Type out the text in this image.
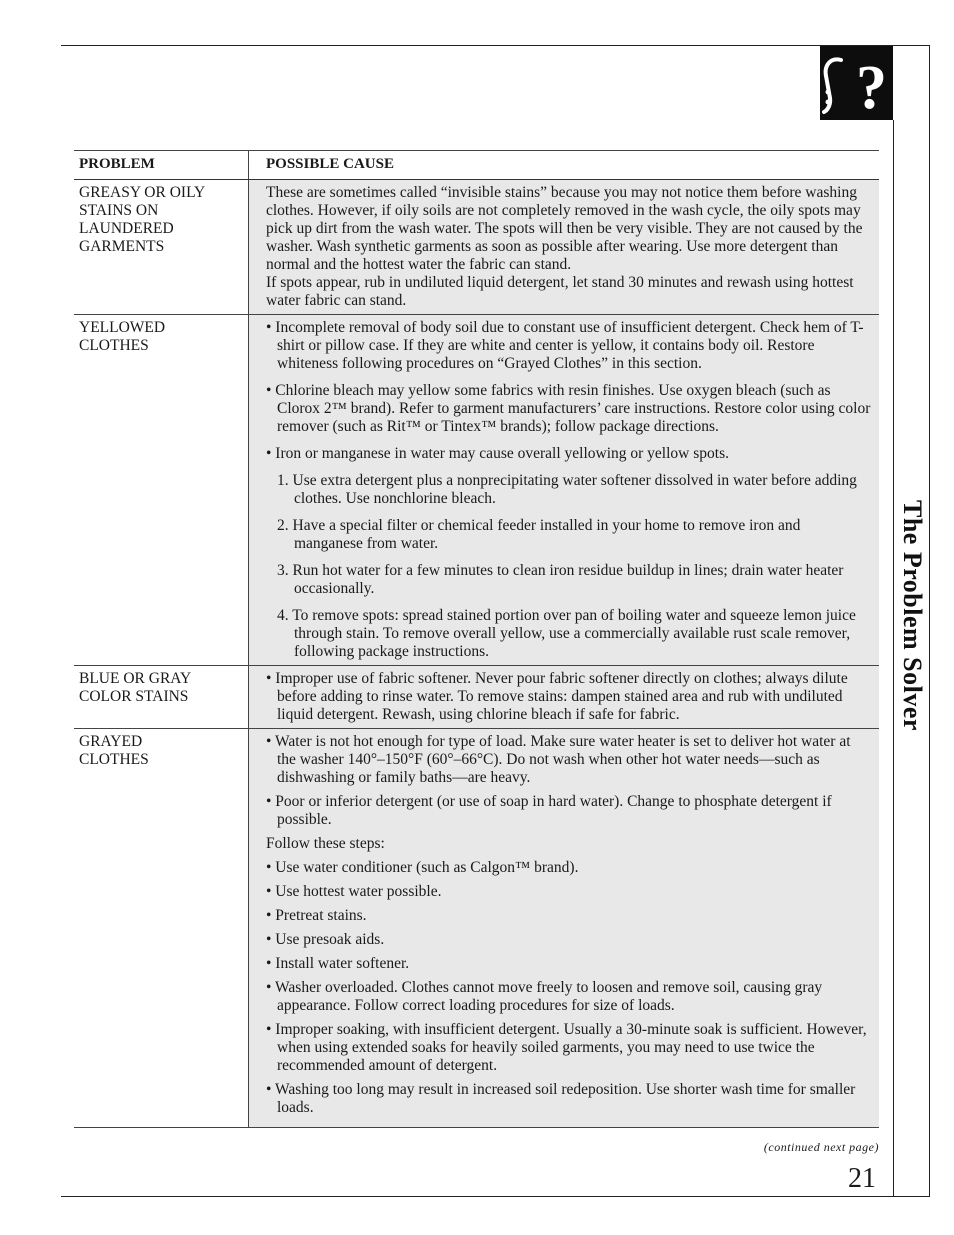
?
The Problem Solver
PROBLEM	POSSIBLE CAUSE
GREASY OR OILY
STAINS ON
LAUNDERED
GARMENTS
These are sometimes called “invisible stains” because you may not notice them before washing clothes. However, if oily soils are not completely removed in the wash cycle, the oily spots may pick up dirt from the wash water. The spots will then be very visible. They are not caused by the washer. Wash synthetic garments as soon as possible after wearing. Use more detergent than normal and the hottest water the fabric can stand.
If spots appear, rub in undiluted liquid detergent, let stand 30 minutes and rewash using hottest water fabric can stand.
YELLOWED
CLOTHES
• Incomplete removal of body soil due to constant use of insufficient detergent. Check hem of T-shirt or pillow case. If they are white and center is yellow, it contains body oil. Restore whiteness following procedures on “Grayed Clothes” in this section.
• Chlorine bleach may yellow some fabrics with resin finishes. Use oxygen bleach (such as Clorox 2™ brand). Refer to garment manufacturers’ care instructions. Restore color using color remover (such as Rit™ or Tintex™ brands); follow package directions.
• Iron or manganese in water may cause overall yellowing or yellow spots.
1. Use extra detergent plus a nonprecipitating water softener dissolved in water before adding clothes. Use nonchlorine bleach.
2. Have a special filter or chemical feeder installed in your home to remove iron and manganese from water.
3. Run hot water for a few minutes to clean iron residue buildup in lines; drain water heater occasionally.
4. To remove spots: spread stained portion over pan of boiling water and squeeze lemon juice through stain. To remove overall yellow, use a commercially available rust scale remover, following package instructions.
BLUE OR GRAY
COLOR STAINS
• Improper use of fabric softener. Never pour fabric softener directly on clothes; always dilute before adding to rinse water. To remove stains: dampen stained area and rub with undiluted liquid detergent. Rewash, using chlorine bleach if safe for fabric.
GRAYED
CLOTHES
• Water is not hot enough for type of load. Make sure water heater is set to deliver hot water at the washer 140°–150°F (60°–66°C). Do not wash when other hot water needs—such as dishwashing or family baths—are heavy.
• Poor or inferior detergent (or use of soap in hard water). Change to phosphate detergent if possible.
Follow these steps:
• Use water conditioner (such as Calgon™ brand).
• Use hottest water possible.
• Pretreat stains.
• Use presoak aids.
• Install water softener.
• Washer overloaded. Clothes cannot move freely to loosen and remove soil, causing gray appearance. Follow correct loading procedures for size of loads.
• Improper soaking, with insufficient detergent. Usually a 30-minute soak is sufficient. However, when using extended soaks for heavily soiled garments, you may need to use twice the recommended amount of detergent.
• Washing too long may result in increased soil redeposition. Use shorter wash time for smaller loads.
(continued next page)
21
